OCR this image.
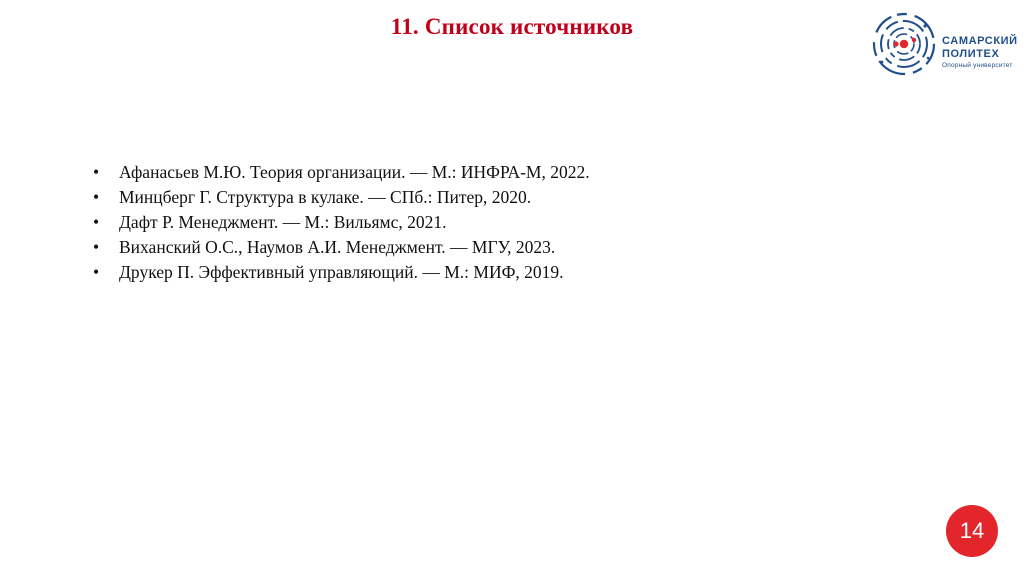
11. Список источников
САМАРСКИЙ
ПОЛИТЕХ
Опорный университет
• Афанасьев М.Ю. Теория организации. — М.: ИНФРА-М, 2022.
• Минцберг Г. Структура в кулаке. — СПб.: Питер, 2020.
• Дафт Р. Менеджмент. — М.: Вильямс, 2021.
• Виханский О.С., Наумов А.И. Менеджмент. — МГУ, 2023.
• Друкер П. Эффективный управляющий. — М.: МИФ, 2019.
14
